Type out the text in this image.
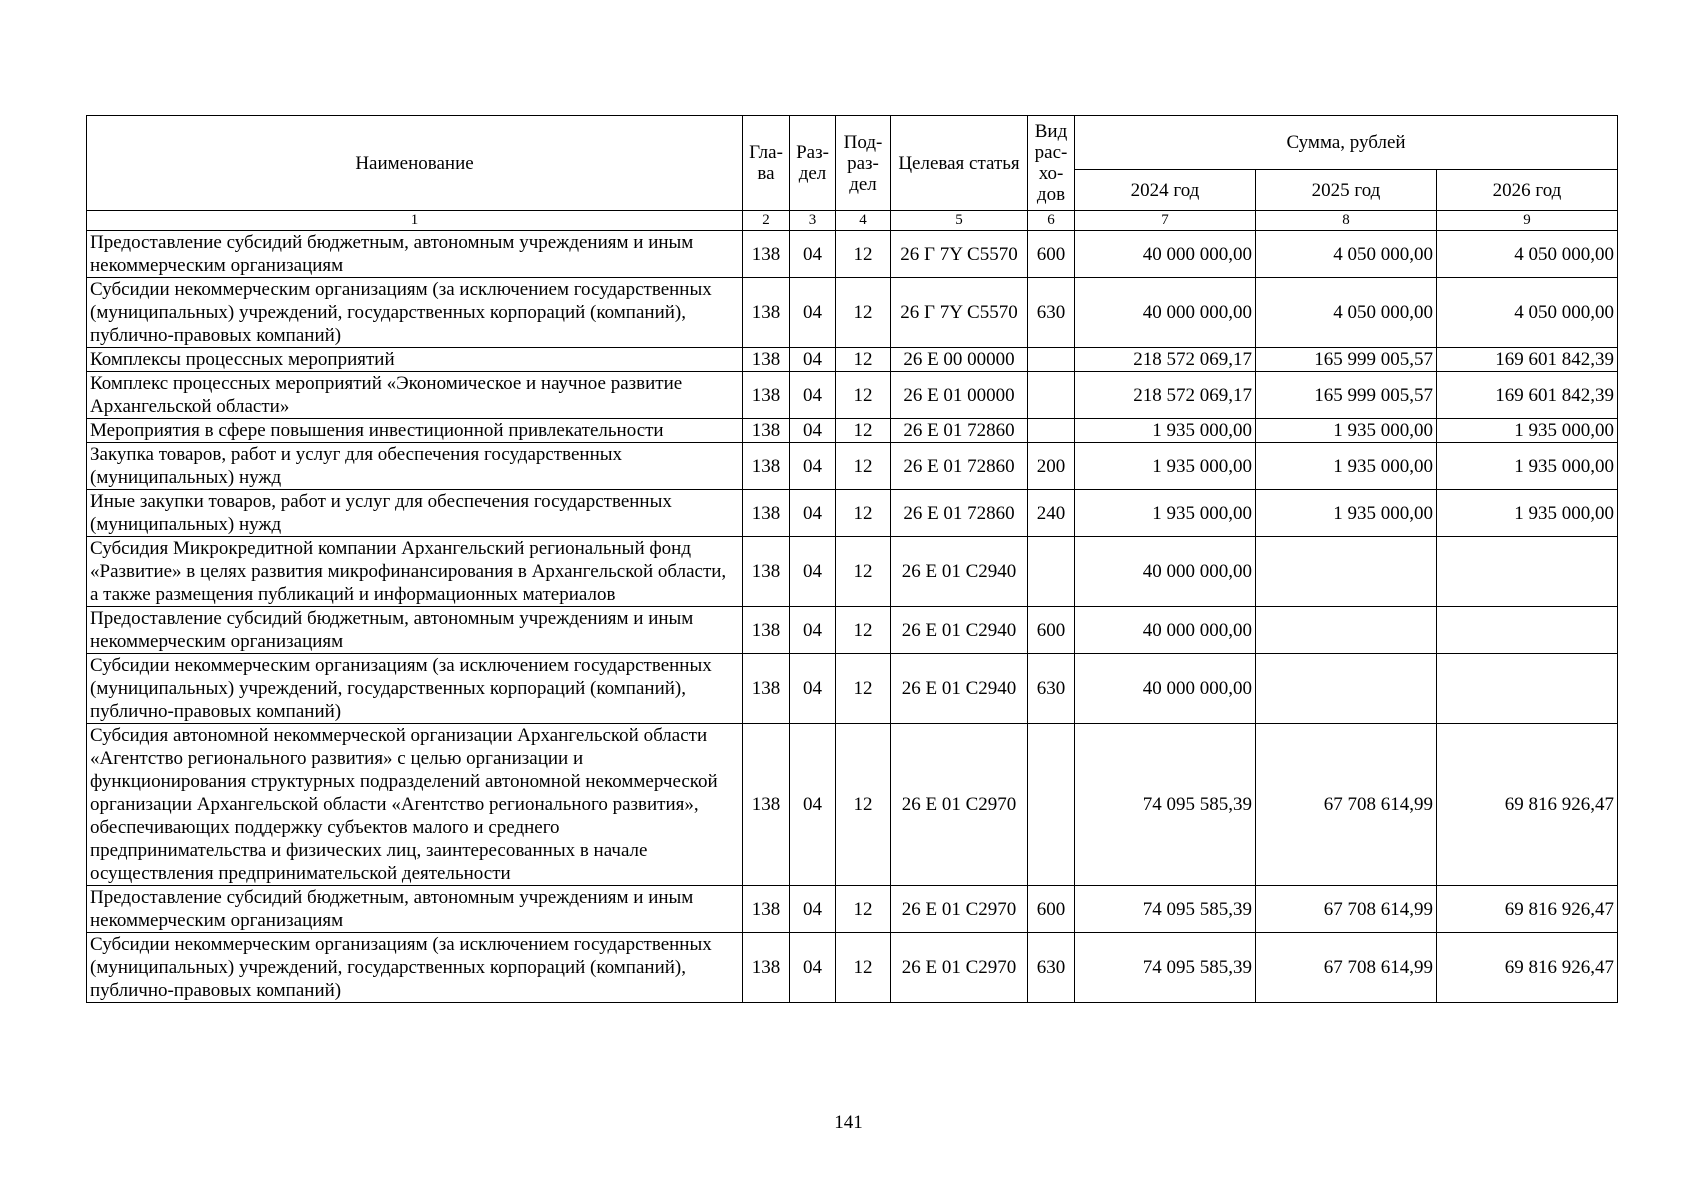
Наименование	Гла-ва	Раз-дел	Под-раз-дел	Целевая статья	Вид рас-хо-дов	Сумма, рублей		
						2024 год	2025 год	2026 год
1	2	3	4	5	6	7	8	9
Предоставление субсидий бюджетным, автономным учреждениям и иным некоммерческим организациям	138	04	12	26 Г 7Y C5570	600	40 000 000,00	4 050 000,00	4 050 000,00
Субсидии некоммерческим организациям (за исключением государственных (муниципальных) учреждений, государственных корпораций (компаний), публично-правовых компаний)	138	04	12	26 Г 7Y C5570	630	40 000 000,00	4 050 000,00	4 050 000,00
Комплексы процессных мероприятий	138	04	12	26 Е 00 00000		218 572 069,17	165 999 005,57	169 601 842,39
Комплекс процессных мероприятий «Экономическое и научное развитие Архангельской области»	138	04	12	26 Е 01 00000		218 572 069,17	165 999 005,57	169 601 842,39
Мероприятия в сфере повышения инвестиционной привлекательности	138	04	12	26 Е 01 72860		1 935 000,00	1 935 000,00	1 935 000,00
Закупка товаров, работ и услуг для обеспечения государственных (муниципальных) нужд	138	04	12	26 Е 01 72860	200	1 935 000,00	1 935 000,00	1 935 000,00
Иные закупки товаров, работ и услуг для обеспечения государственных (муниципальных) нужд	138	04	12	26 Е 01 72860	240	1 935 000,00	1 935 000,00	1 935 000,00
Субсидия Микрокредитной компании Архангельский региональный фонд «Развитие» в целях развития микрофинансирования в Архангельской области, а также размещения публикаций и информационных материалов	138	04	12	26 Е 01 C2940		40 000 000,00		
Предоставление субсидий бюджетным, автономным учреждениям и иным некоммерческим организациям	138	04	12	26 Е 01 C2940	600	40 000 000,00		
Субсидии некоммерческим организациям (за исключением государственных (муниципальных) учреждений, государственных корпораций (компаний), публично-правовых компаний)	138	04	12	26 Е 01 C2940	630	40 000 000,00		
Субсидия автономной некоммерческой организации Архангельской области «Агентство регионального развития» с целью организации и функционирования структурных подразделений автономной некоммерческой организации Архангельской области «Агентство регионального развития», обеспечивающих поддержку субъектов малого и среднего предпринимательства и физических лиц, заинтересованных в начале осуществления предпринимательской деятельности	138	04	12	26 Е 01 C2970		74 095 585,39	67 708 614,99	69 816 926,47
Предоставление субсидий бюджетным, автономным учреждениям и иным некоммерческим организациям	138	04	12	26 Е 01 C2970	600	74 095 585,39	67 708 614,99	69 816 926,47
Субсидии некоммерческим организациям (за исключением государственных (муниципальных) учреждений, государственных корпораций (компаний), публично-правовых компаний)	138	04	12	26 Е 01 C2970	630	74 095 585,39	67 708 614,99	69 816 926,47
141
